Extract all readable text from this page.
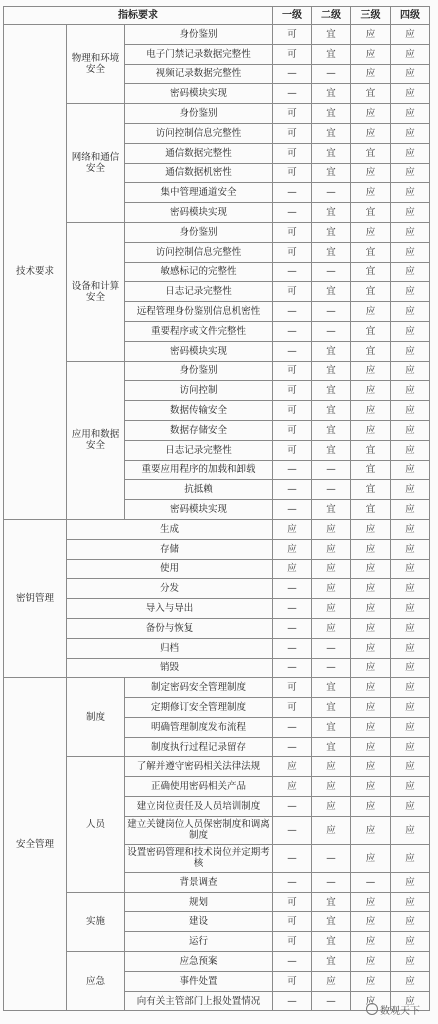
指标要求			一级	二级	三级	四级
技术要求	物理和环境安全	身份鉴别	可	宜	应	应
		电子门禁记录数据完整性	可	宜	应	应
		视频记录数据完整性	—	—	应	应
		密码模块实现	—	宜	宜	应
	网络和通信安全	身份鉴别	可	宜	应	应
		访问控制信息完整性	可	宜	应	应
		通信数据完整性	可	宜	宜	应
		通信数据机密性	可	宜	应	应
		集中管理通道安全	—	—	应	应
		密码模块实现	—	宜	宜	应
	设备和计算安全	身份鉴别	可	宜	应	应
		访问控制信息完整性	可	宜	宜	应
		敏感标记的完整性	—	—	宜	应
		日志记录完整性	可	宜	宜	应
		远程管理身份鉴别信息机密性	—	—	应	应
		重要程序或文件完整性	—	—	宜	应
		密码模块实现	—	宜	宜	应
	应用和数据安全	身份鉴别	可	宜	应	应
		访问控制	可	宜	应	应
		数据传输安全	可	宜	应	应
		数据存储安全	可	宜	应	应
		日志记录完整性	可	宜	宜	应
		重要应用程序的加载和卸载	—	—	宜	应
		抗抵赖	—	—	宜	应
		密码模块实现	—	宜	宜	应
密钥管理	生成		应	应	应	应
	存储		应	应	应	应
	使用		应	应	应	应
	分发		—	应	应	应
	导入与导出		—	应	应	应
	备份与恢复		—	应	应	应
	归档		—	—	应	应
	销毁		—	—	应	应
安全管理	制度	制定密码安全管理制度	可	宜	应	应
		定期修订安全管理制度	可	宜	应	应
		明确管理制度发布流程	—	宜	应	应
		制度执行过程记录留存	—	宜	应	应
	人员	了解并遵守密码相关法律法规	应	应	应	应
		正确使用密码相关产品	应	应	应	应
		建立岗位责任及人员培训制度	—	应	应	应
		建立关键岗位人员保密制度和调离制度	—	应	应	应
		设置密码管理和技术岗位并定期考核	—	—	应	应
		背景调查	—	—	—	应
	实施	规划	可	宜	应	应
		建设	可	宜	应	应
		运行	可	宜	应	应
	应急	应急预案	—	宜	应	应
		事件处置	可	应	应	应
		向有关主管部门上报处置情况	—	—	应	应
数观天下
